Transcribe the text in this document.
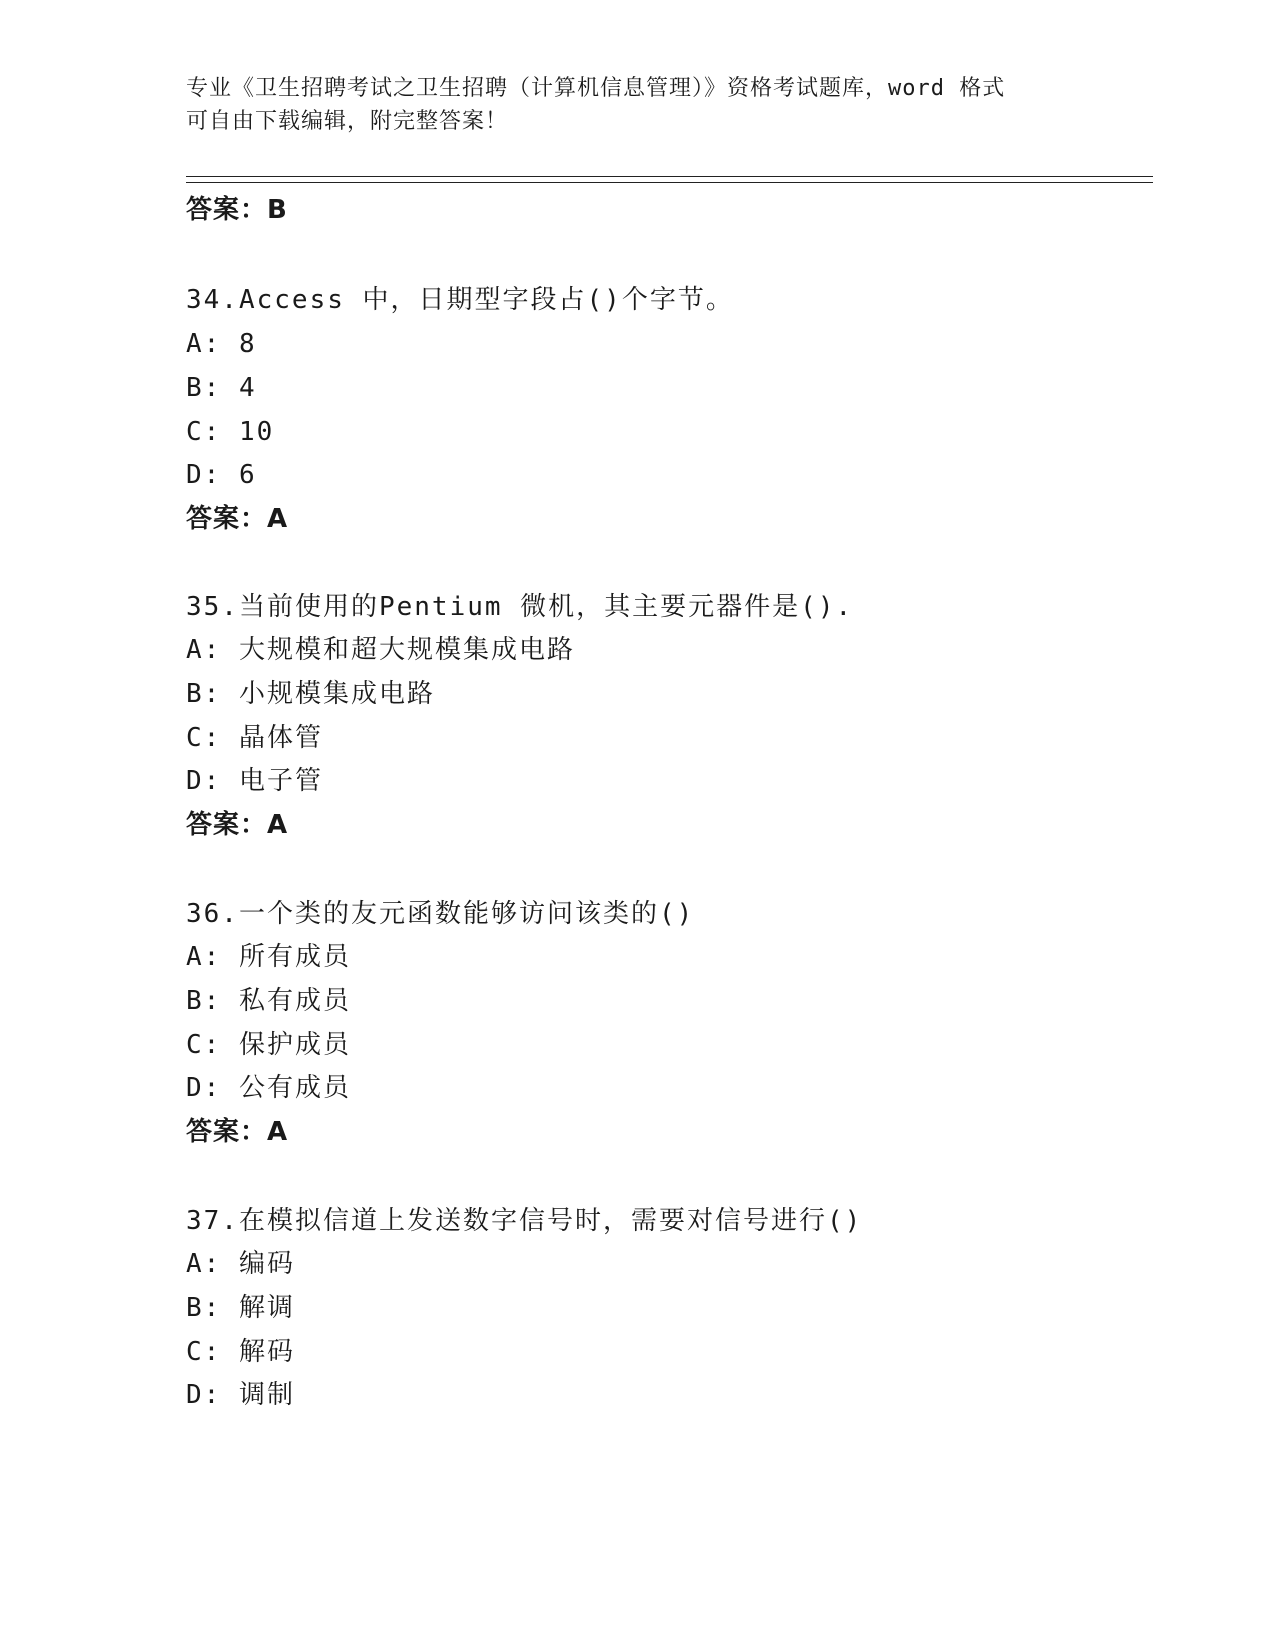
专业《卫生招聘考试之卫生招聘（计算机信息管理）》资格考试题库，word 格式
可自由下载编辑，附完整答案！
答案：B
34.Access 中，日期型字段占()个字节。
A: 8
B: 4
C: 10
D: 6
答案：A
35.当前使用的Pentium 微机，其主要元器件是().
A: 大规模和超大规模集成电路
B: 小规模集成电路
C: 晶体管
D: 电子管
答案：A
36.一个类的友元函数能够访问该类的()
A: 所有成员
B: 私有成员
C: 保护成员
D: 公有成员
答案：A
37.在模拟信道上发送数字信号时，需要对信号进行()
A: 编码
B: 解调
C: 解码
D: 调制
